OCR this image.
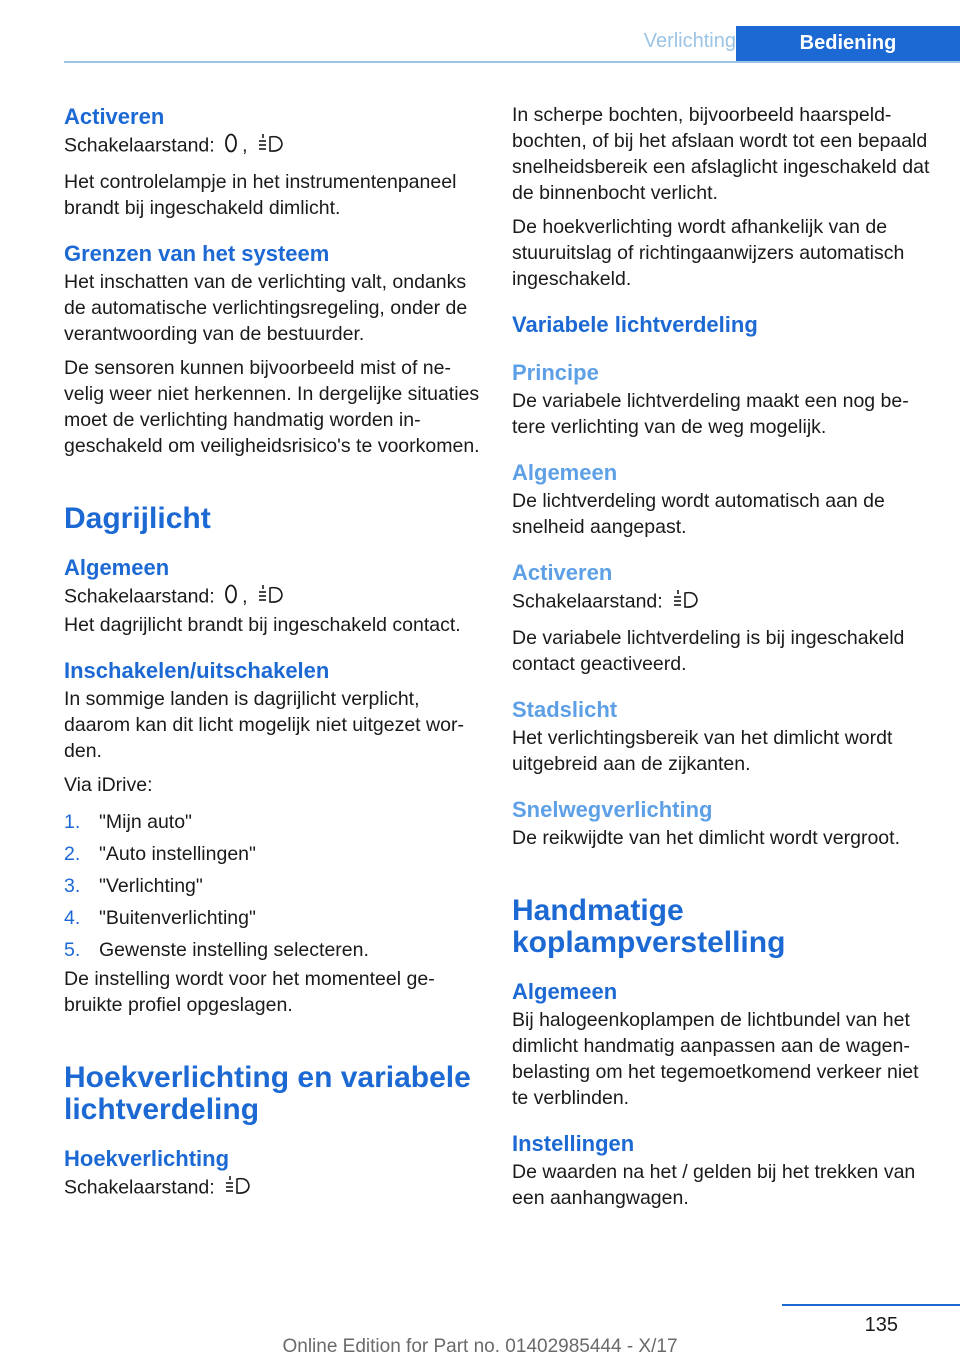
Verlichting	Bediening
Activeren

Schakelaarstand: ,

Het controlelampje in het instrumentenpaneel brandt bij ingeschakeld dimlicht.

Grenzen van het systeem

Het inschatten van de verlichting valt, ondanks de automatische verlichtingsregeling, onder de verantwoording van de bestuurder.

De sensoren kunnen bijvoorbeeld mist of nevelig weer niet herkennen. In dergelijke situaties moet de verlichting handmatig worden ingeschakeld om veiligheidsrisico's te voorkomen.

Dagrijlicht
Algemeen

Schakelaarstand: ,

Het dagrijlicht brandt bij ingeschakeld contact.

Inschakelen/uitschakelen

In sommige landen is dagrijlicht verplicht, daarom kan dit licht mogelijk niet uitgezet worden.

Via iDrive:

1. "Mijn auto"
2. "Auto instellingen"
3. "Verlichting"
4. "Buitenverlichting"
5. Gewenste instelling selecteren.

De instelling wordt voor het momenteel gebruikte profiel opgeslagen.

Hoekverlichting en variabele lichtverdeling
Hoekverlichting

Schakelaarstand:

In scherpe bochten, bijvoorbeeld haarspeldbochten, of bij het afslaan wordt tot een bepaald snelheidsbereik een afslaglicht ingeschakeld dat de binnenbocht verlicht.

De hoekverlichting wordt afhankelijk van de stuuruitslag of richtingaanwijzers automatisch ingeschakeld.

Variabele lichtverdeling
Principe

De variabele lichtverdeling maakt een nog betere verlichting van de weg mogelijk.

Algemeen

De lichtverdeling wordt automatisch aan de snelheid aangepast.

Activeren

Schakelaarstand:

De variabele lichtverdeling is bij ingeschakeld contact geactiveerd.

Stadslicht

Het verlichtingsbereik van het dimlicht wordt uitgebreid aan de zijkanten.

Snelwegverlichting

De reikwijdte van het dimlicht wordt vergroot.

Handmatige koplampverstelling
Algemeen

Bij halogeenkoplampen de lichtbundel van het dimlicht handmatig aanpassen aan de wagenbelasting om het tegemoetkomend verkeer niet te verblinden.

Instellingen

De waarden na het / gelden bij het trekken van een aanhangwagen.

135
Online Edition for Part no. 01402985444 - X/17
